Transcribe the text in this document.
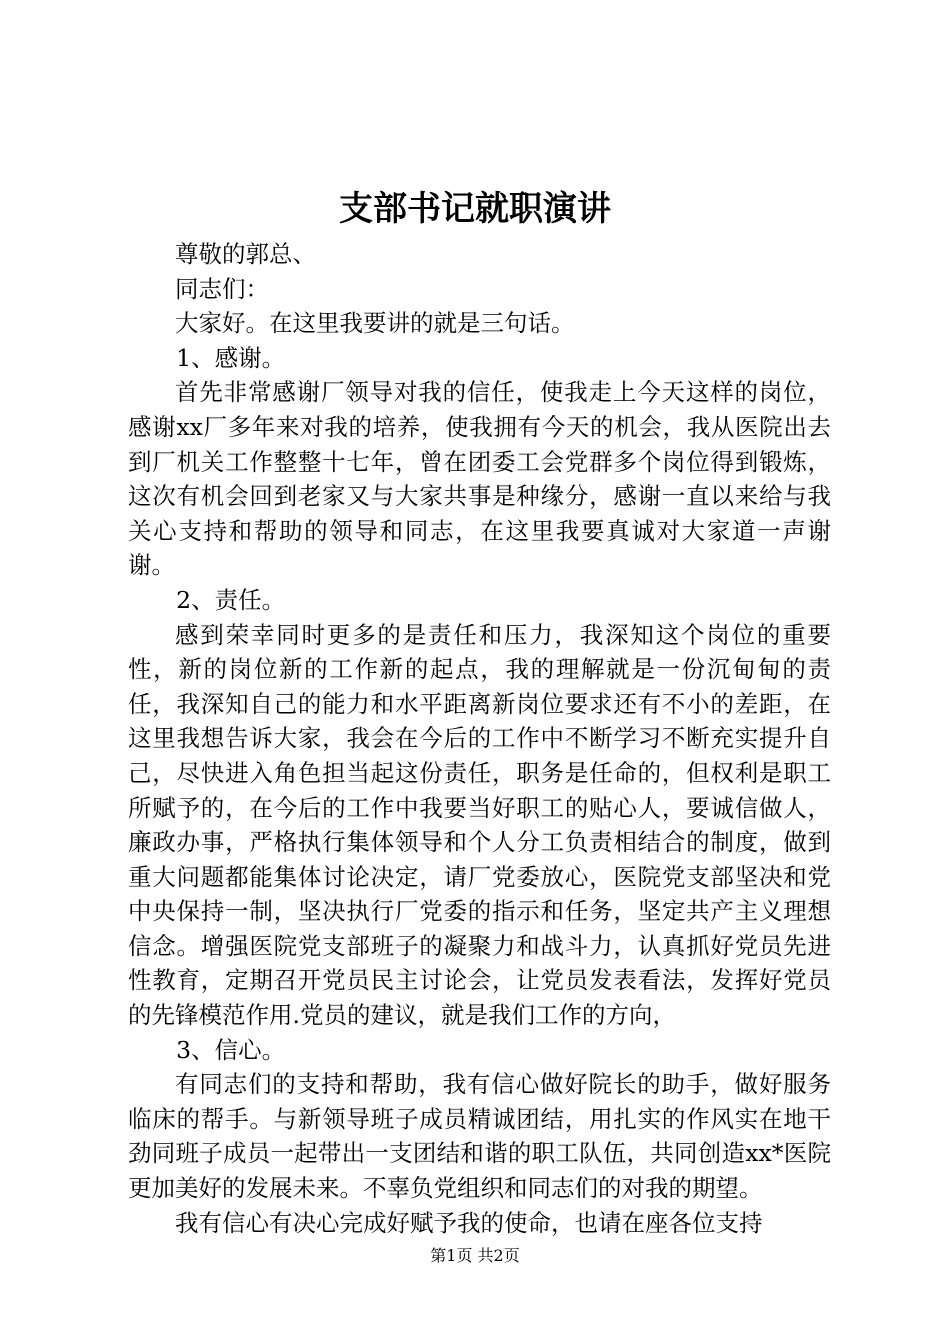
支部书记就职演讲

尊敬的郭总、

同志们：

大家好。在这里我要讲的就是三句话。

1、感谢。

首先非常感谢厂领导对我的信任，使我走上今天这样的岗位，感谢xx厂多年来对我的培养，使我拥有今天的机会，我从医院出去到厂机关工作整整十七年，曾在团委工会党群多个岗位得到锻炼，这次有机会回到老家又与大家共事是种缘分，感谢一直以来给与我关心支持和帮助的领导和同志，在这里我要真诚对大家道一声谢谢。

2、责任。

感到荣幸同时更多的是责任和压力，我深知这个岗位的重要性，新的岗位新的工作新的起点，我的理解就是一份沉甸甸的责任，我深知自己的能力和水平距离新岗位要求还有不小的差距，在这里我想告诉大家，我会在今后的工作中不断学习不断充实提升自己，尽快进入角色担当起这份责任，职务是任命的，但权利是职工所赋予的，在今后的工作中我要当好职工的贴心人，要诚信做人，廉政办事，严格执行集体领导和个人分工负责相结合的制度，做到重大问题都能集体讨论决定，请厂党委放心，医院党支部坚决和党中央保持一制，坚决执行厂党委的指示和任务，坚定共产主义理想信念。增强医院党支部班子的凝聚力和战斗力，认真抓好党员先进性教育，定期召开党员民主讨论会，让党员发表看法，发挥好党员的先锋模范作用.党员的建议，就是我们工作的方向，

3、信心。

有同志们的支持和帮助，我有信心做好院长的助手，做好服务临床的帮手。与新领导班子成员精诚团结，用扎实的作风实在地干劲同班子成员一起带出一支团结和谐的职工队伍，共同创造xx*医院更加美好的发展未来。不辜负党组织和同志们的对我的期望。

我有信心有决心完成好赋予我的使命，也请在座各位支持

第1页 共2页
